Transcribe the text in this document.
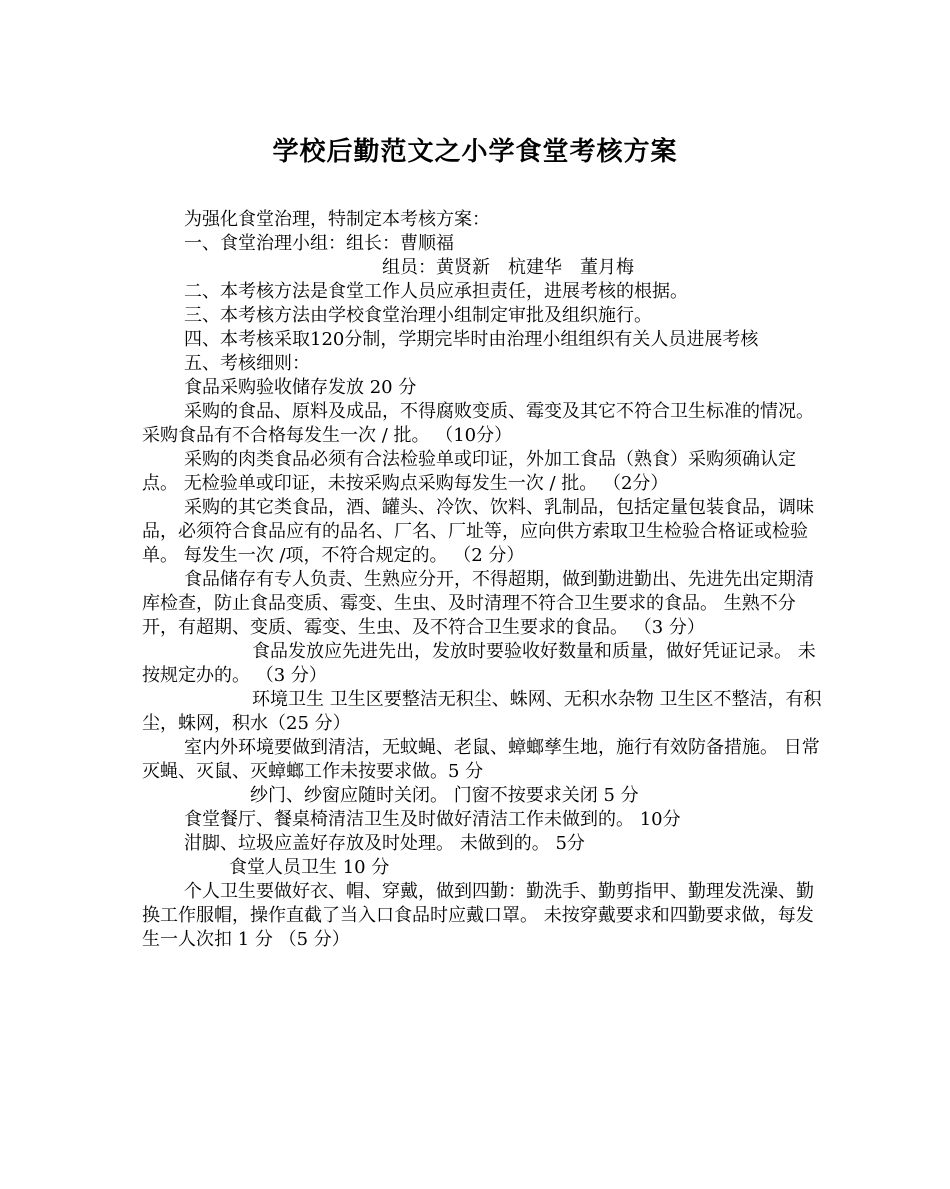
学校后勤范文之小学食堂考核方案

为强化食堂治理，特制定本考核方案：

一、食堂治理小组：组长：曹顺福

组员：黄贤新　杭建华　董月梅

二、本考核方法是食堂工作人员应承担责任，进展考核的根据。

三、本考核方法由学校食堂治理小组制定审批及组织施行。

四、本考核采取120分制，学期完毕时由治理小组组织有关人员进展考核

五、考核细则：

食品采购验收储存发放 20 分

采购的食品、原料及成品，不得腐败变质、霉变及其它不符合卫生标准的情况。 采购食品有不合格每发生一次 / 批。 （10分）

采购的肉类食品必须有合法检验单或印证，外加工食品（熟食）采购须确认定点。 无检验单或印证，未按采购点采购每发生一次 / 批。 （2分）

采购的其它类食品，酒、罐头、冷饮、饮料、乳制品，包括定量包装食品，调味品，必须符合食品应有的品名、厂名、厂址等，应向供方索取卫生检验合格证或检验单。 每发生一次 /项，不符合规定的。 （2 分）

食品储存有专人负责、生熟应分开，不得超期，做到勤进勤出、先进先出定期清库检查，防止食品变质、霉变、生虫、及时清理不符合卫生要求的食品。 生熟不分开，有超期、变质、霉变、生虫、及不符合卫生要求的食品。 （3 分）

食品发放应先进先出，发放时要验收好数量和质量，做好凭证记录。 未按规定办的。 （3 分）

环境卫生 卫生区要整洁无积尘、蛛网、无积水杂物 卫生区不整洁，有积尘，蛛网，积水（25 分）

室内外环境要做到清洁，无蚊蝇、老鼠、蟑螂孳生地，施行有效防备措施。 日常灭蝇、灭鼠、灭蟑螂工作未按要求做。5 分

纱门、纱窗应随时关闭。 门窗不按要求关闭 5 分

食堂餐厅、餐桌椅清洁卫生及时做好清洁工作未做到的。 10分

泔脚、垃圾应盖好存放及时处理。 未做到的。 5分

食堂人员卫生 10 分

个人卫生要做好衣、帽、穿戴，做到四勤：勤洗手、勤剪指甲、勤理发洗澡、勤换工作服帽，操作直截了当入口食品时应戴口罩。 未按穿戴要求和四勤要求做，每发生一人次扣 1 分 （5 分）
